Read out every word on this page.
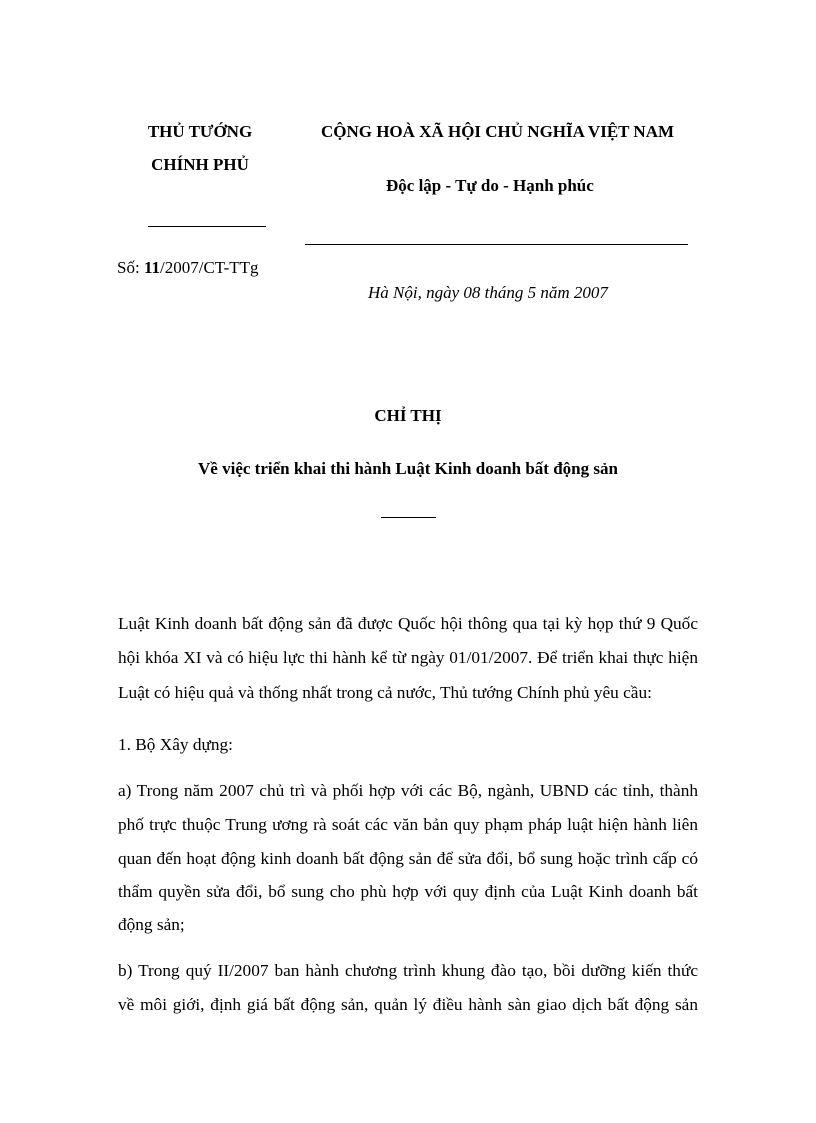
THỦ TƯỚNG
CHÍNH PHỦ
Số: 11/2007/CT-TTg
CỘNG HOÀ XÃ HỘI CHỦ NGHĨA VIỆT NAM
Độc lập - Tự do - Hạnh phúc
Hà Nội, ngày 08 tháng 5 năm 2007
CHỈ THỊ
Về việc triển khai thi hành Luật Kinh doanh bất động sản
Luật Kinh doanh bất động sản đã được Quốc hội thông qua tại kỳ họp thứ 9 Quốc
hội khóa XI và có hiệu lực thi hành kể từ ngày 01/01/2007. Để triển khai thực hiện
Luật có hiệu quả và thống nhất trong cả nước, Thủ tướng Chính phủ yêu cầu:
1. Bộ Xây dựng:
a) Trong năm 2007 chủ trì và phối hợp với các Bộ, ngành, UBND các tỉnh, thành
phố trực thuộc Trung ương rà soát các văn bản quy phạm pháp luật hiện hành liên
quan đến hoạt động kinh doanh bất động sản để sửa đổi, bổ sung hoặc trình cấp có
thẩm quyền sửa đổi, bổ sung cho phù hợp với quy định của Luật Kinh doanh bất
động sản;
b) Trong quý II/2007 ban hành chương trình khung đào tạo, bồi dưỡng kiến thức
về môi giới, định giá bất động sản, quản lý điều hành sàn giao dịch bất động sản
